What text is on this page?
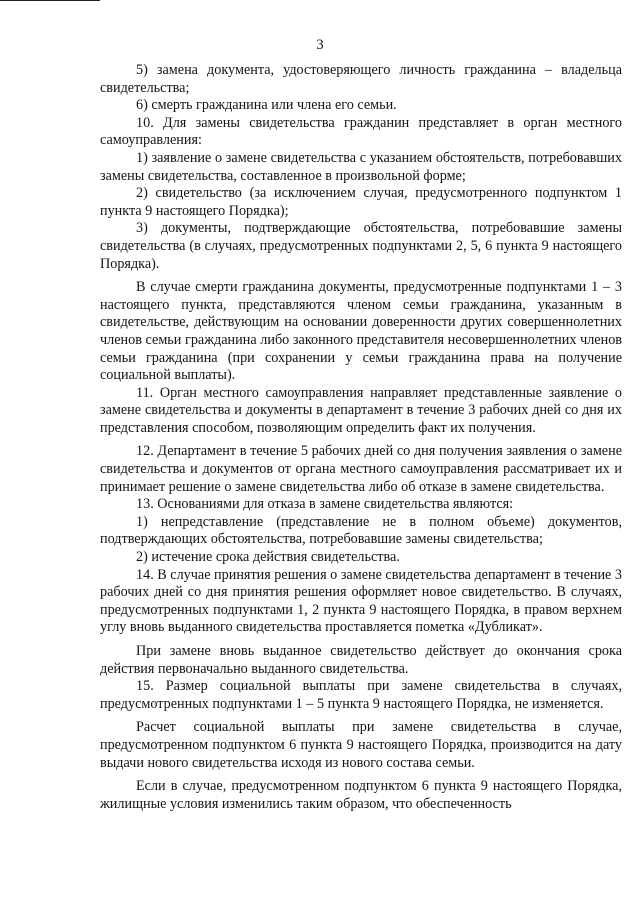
3

5) замена документа, удостоверяющего личность гражданина – владельца свидетельства;

6) смерть гражданина или члена его семьи.

10. Для замены свидетельства гражданин представляет в орган местного самоуправления:

1) заявление о замене свидетельства с указанием обстоятельств, потребовавших замены свидетельства, составленное в произвольной форме;

2) свидетельство (за исключением случая, предусмотренного подпунктом 1 пункта 9 настоящего Порядка);

3) документы, подтверждающие обстоятельства, потребовавшие замены свидетельства (в случаях, предусмотренных подпунктами 2, 5, 6 пункта 9 настоящего Порядка).

В случае смерти гражданина документы, предусмотренные подпунктами 1 – 3 настоящего пункта, представляются членом семьи гражданина, указанным в свидетельстве, действующим на основании доверенности других совершеннолетних членов семьи гражданина либо законного представителя несовершеннолетних членов семьи гражданина (при сохранении у семьи гражданина права на получение социальной выплаты).

11. Орган местного самоуправления направляет представленные заявление о замене свидетельства и документы в департамент в течение 3 рабочих дней со дня их представления способом, позволяющим определить факт их получения.

12. Департамент в течение 5 рабочих дней со дня получения заявления о замене свидетельства и документов от органа местного самоуправления рассматривает их и принимает решение о замене свидетельства либо об отказе в замене свидетельства.

13. Основаниями для отказа в замене свидетельства являются:

1) непредставление (представление не в полном объеме) документов, подтверждающих обстоятельства, потребовавшие замены свидетельства;

2) истечение срока действия свидетельства.

14. В случае принятия решения о замене свидетельства департамент в течение 3 рабочих дней со дня принятия решения оформляет новое свидетельство. В случаях, предусмотренных подпунктами 1, 2 пункта 9 настоящего Порядка, в правом верхнем углу вновь выданного свидетельства проставляется пометка «Дубликат».

При замене вновь выданное свидетельство действует до окончания срока действия первоначально выданного свидетельства.

15. Размер социальной выплаты при замене свидетельства в случаях, предусмотренных подпунктами 1 – 5 пункта 9 настоящего Порядка, не изменяется.

Расчет социальной выплаты при замене свидетельства в случае, предусмотренном подпунктом 6 пункта 9 настоящего Порядка, производится на дату выдачи нового свидетельства исходя из нового состава семьи.

Если в случае, предусмотренном подпунктом 6 пункта 9 настоящего Порядка, жилищные условия изменились таким образом, что обеспеченность
